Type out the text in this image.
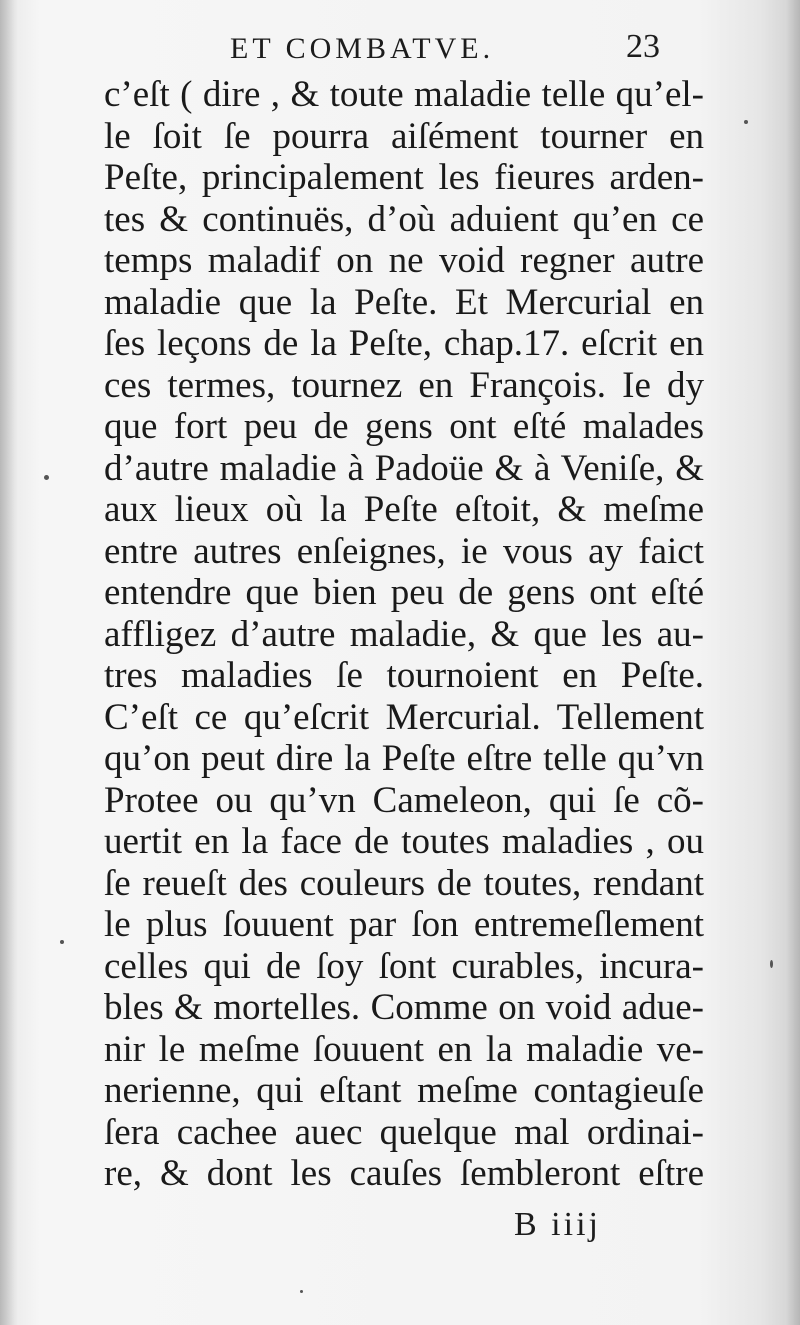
ET COMBATVE.	23
c’eſt ( dire , & toute maladie telle qu’el-
le ſoit ſe pourra aiſément tourner en
Peſte, principalement les fieures arden-
tes & continuës, d’où aduient qu’en ce
temps maladif on ne void regner autre
maladie que la Peſte. Et Mercurial en
ſes leçons de la Peſte, chap.17. eſcrit en
ces termes, tournez en François. Ie dy
que fort peu de gens ont eſté malades
d’autre maladie à Padoüe & à Veniſe, &
aux lieux où la Peſte eſtoit, & meſme
entre autres enſeignes, ie vous ay faict
entendre que bien peu de gens ont eſté
affligez d’autre maladie, & que les au-
tres maladies ſe tournoient en Peſte.
C’eſt ce qu’eſcrit Mercurial. Tellement
qu’on peut dire la Peſte eſtre telle qu’vn
Protee ou qu’vn Cameleon, qui ſe cõ-
uertit en la face de toutes maladies , ou
ſe reueſt des couleurs de toutes, rendant
le plus ſouuent par ſon entremeſlement
celles qui de ſoy ſont curables, incura-
bles & mortelles. Comme on void adue-
nir le meſme ſouuent en la maladie ve-
nerienne, qui eſtant meſme contagieuſe
ſera cachee auec quelque mal ordinai-
re, & dont les cauſes ſembleront eſtre
B iiij
